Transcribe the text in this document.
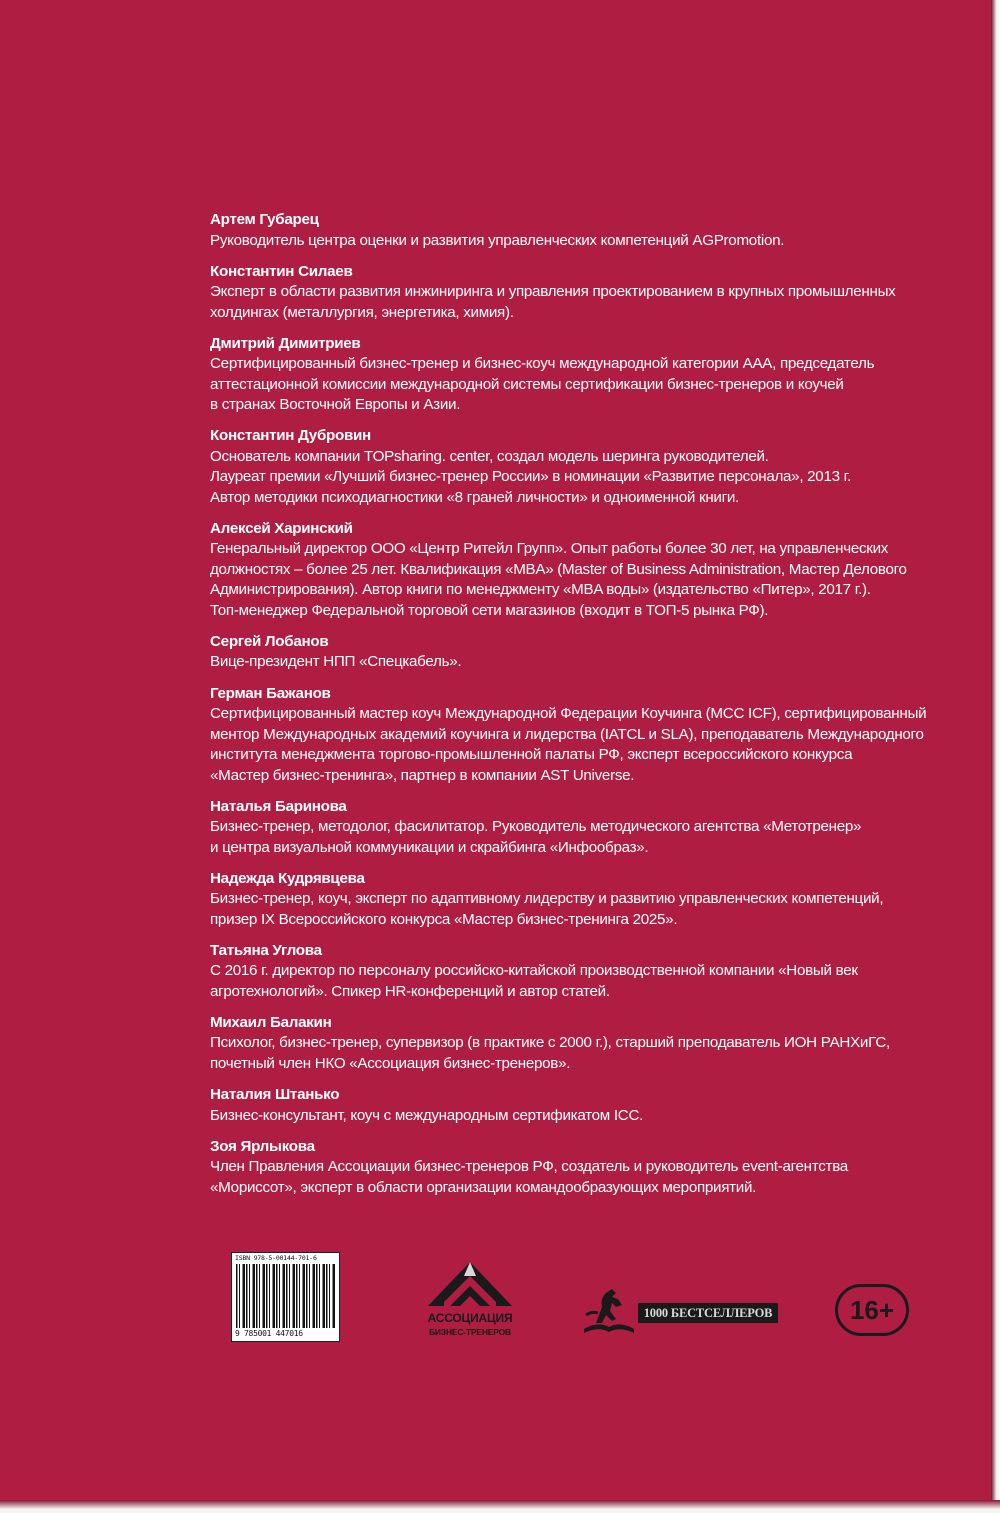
Артем Губарец
Руководитель центра оценки и развития управленческих компетенций AGPromotion.
Константин Силаев
Эксперт в области развития инжиниринга и управления проектированием в крупных промышленных
холдингах (металлургия, энергетика, химия).
Дмитрий Димитриев
Сертифицированный бизнес-тренер и бизнес-коуч международной категории ААА, председатель
аттестационной комиссии международной системы сертификации бизнес-тренеров и коучей
в странах Восточной Европы и Азии.
Константин Дубровин
Основатель компании TOPsharing. center, создал модель шеринга руководителей.
Лауреат премии «Лучший бизнес-тренер России» в номинации «Развитие персонала», 2013 г.
Автор методики психодиагностики «8 граней личности» и одноименной книги.
Алексей Харинский
Генеральный директор ООО «Центр Ритейл Групп». Опыт работы более 30 лет, на управленческих
должностях – более 25 лет. Квалификация «MBA» (Master of Business Administration, Мастер Делового
Администрирования). Автор книги по менеджменту «MBA воды» (издательство «Питер», 2017 г.).
Топ-менеджер Федеральной торговой сети магазинов (входит в ТОП-5 рынка РФ).
Сергей Лобанов
Вице-президент НПП «Спецкабель».
Герман Бажанов
Сертифицированный мастер коуч Международной Федерации Коучинга (MCC ICF), сертифицированный
ментор Международных академий коучинга и лидерства (IATCL и SLA), преподаватель Международного
института менеджмента торгово-промышленной палаты РФ, эксперт всероссийского конкурса
«Мастер бизнес-тренинга», партнер в компании AST Universe.
Наталья Баринова
Бизнес-тренер, методолог, фасилитатор. Руководитель методического агентства «Метотренер»
и центра визуальной коммуникации и скрайбинга «Инфообраз».
Надежда Кудрявцева
Бизнес-тренер, коуч, эксперт по адаптивному лидерству и развитию управленческих компетенций,
призер IX Всероссийского конкурса «Мастер бизнес-тренинга 2025».
Татьяна Углова
С 2016 г. директор по персоналу российско-китайской производственной компании «Новый век
агротехнологий». Спикер HR-конференций и автор статей.
Михаил Балакин
Психолог, бизнес-тренер, супервизор (в практике с 2000 г.), старший преподаватель ИОН РАНХиГС,
почетный член НКО «Ассоциация бизнес-тренеров».
Наталия Штанько
Бизнес-консультант, коуч с международным сертификатом ICC.
Зоя Ярлыкова
Член Правления Ассоциации бизнес-тренеров РФ, создатель и руководитель event-агентства
«Мориссот», эксперт в области организации командообразующих мероприятий.
ISBN 978-5-00144-701-6
9 785001 447016
АССОЦИАЦИЯ
БИЗНЕС-ТРЕНЕРОВ
1000 БЕСТСЕЛЛЕРОВ	16+
